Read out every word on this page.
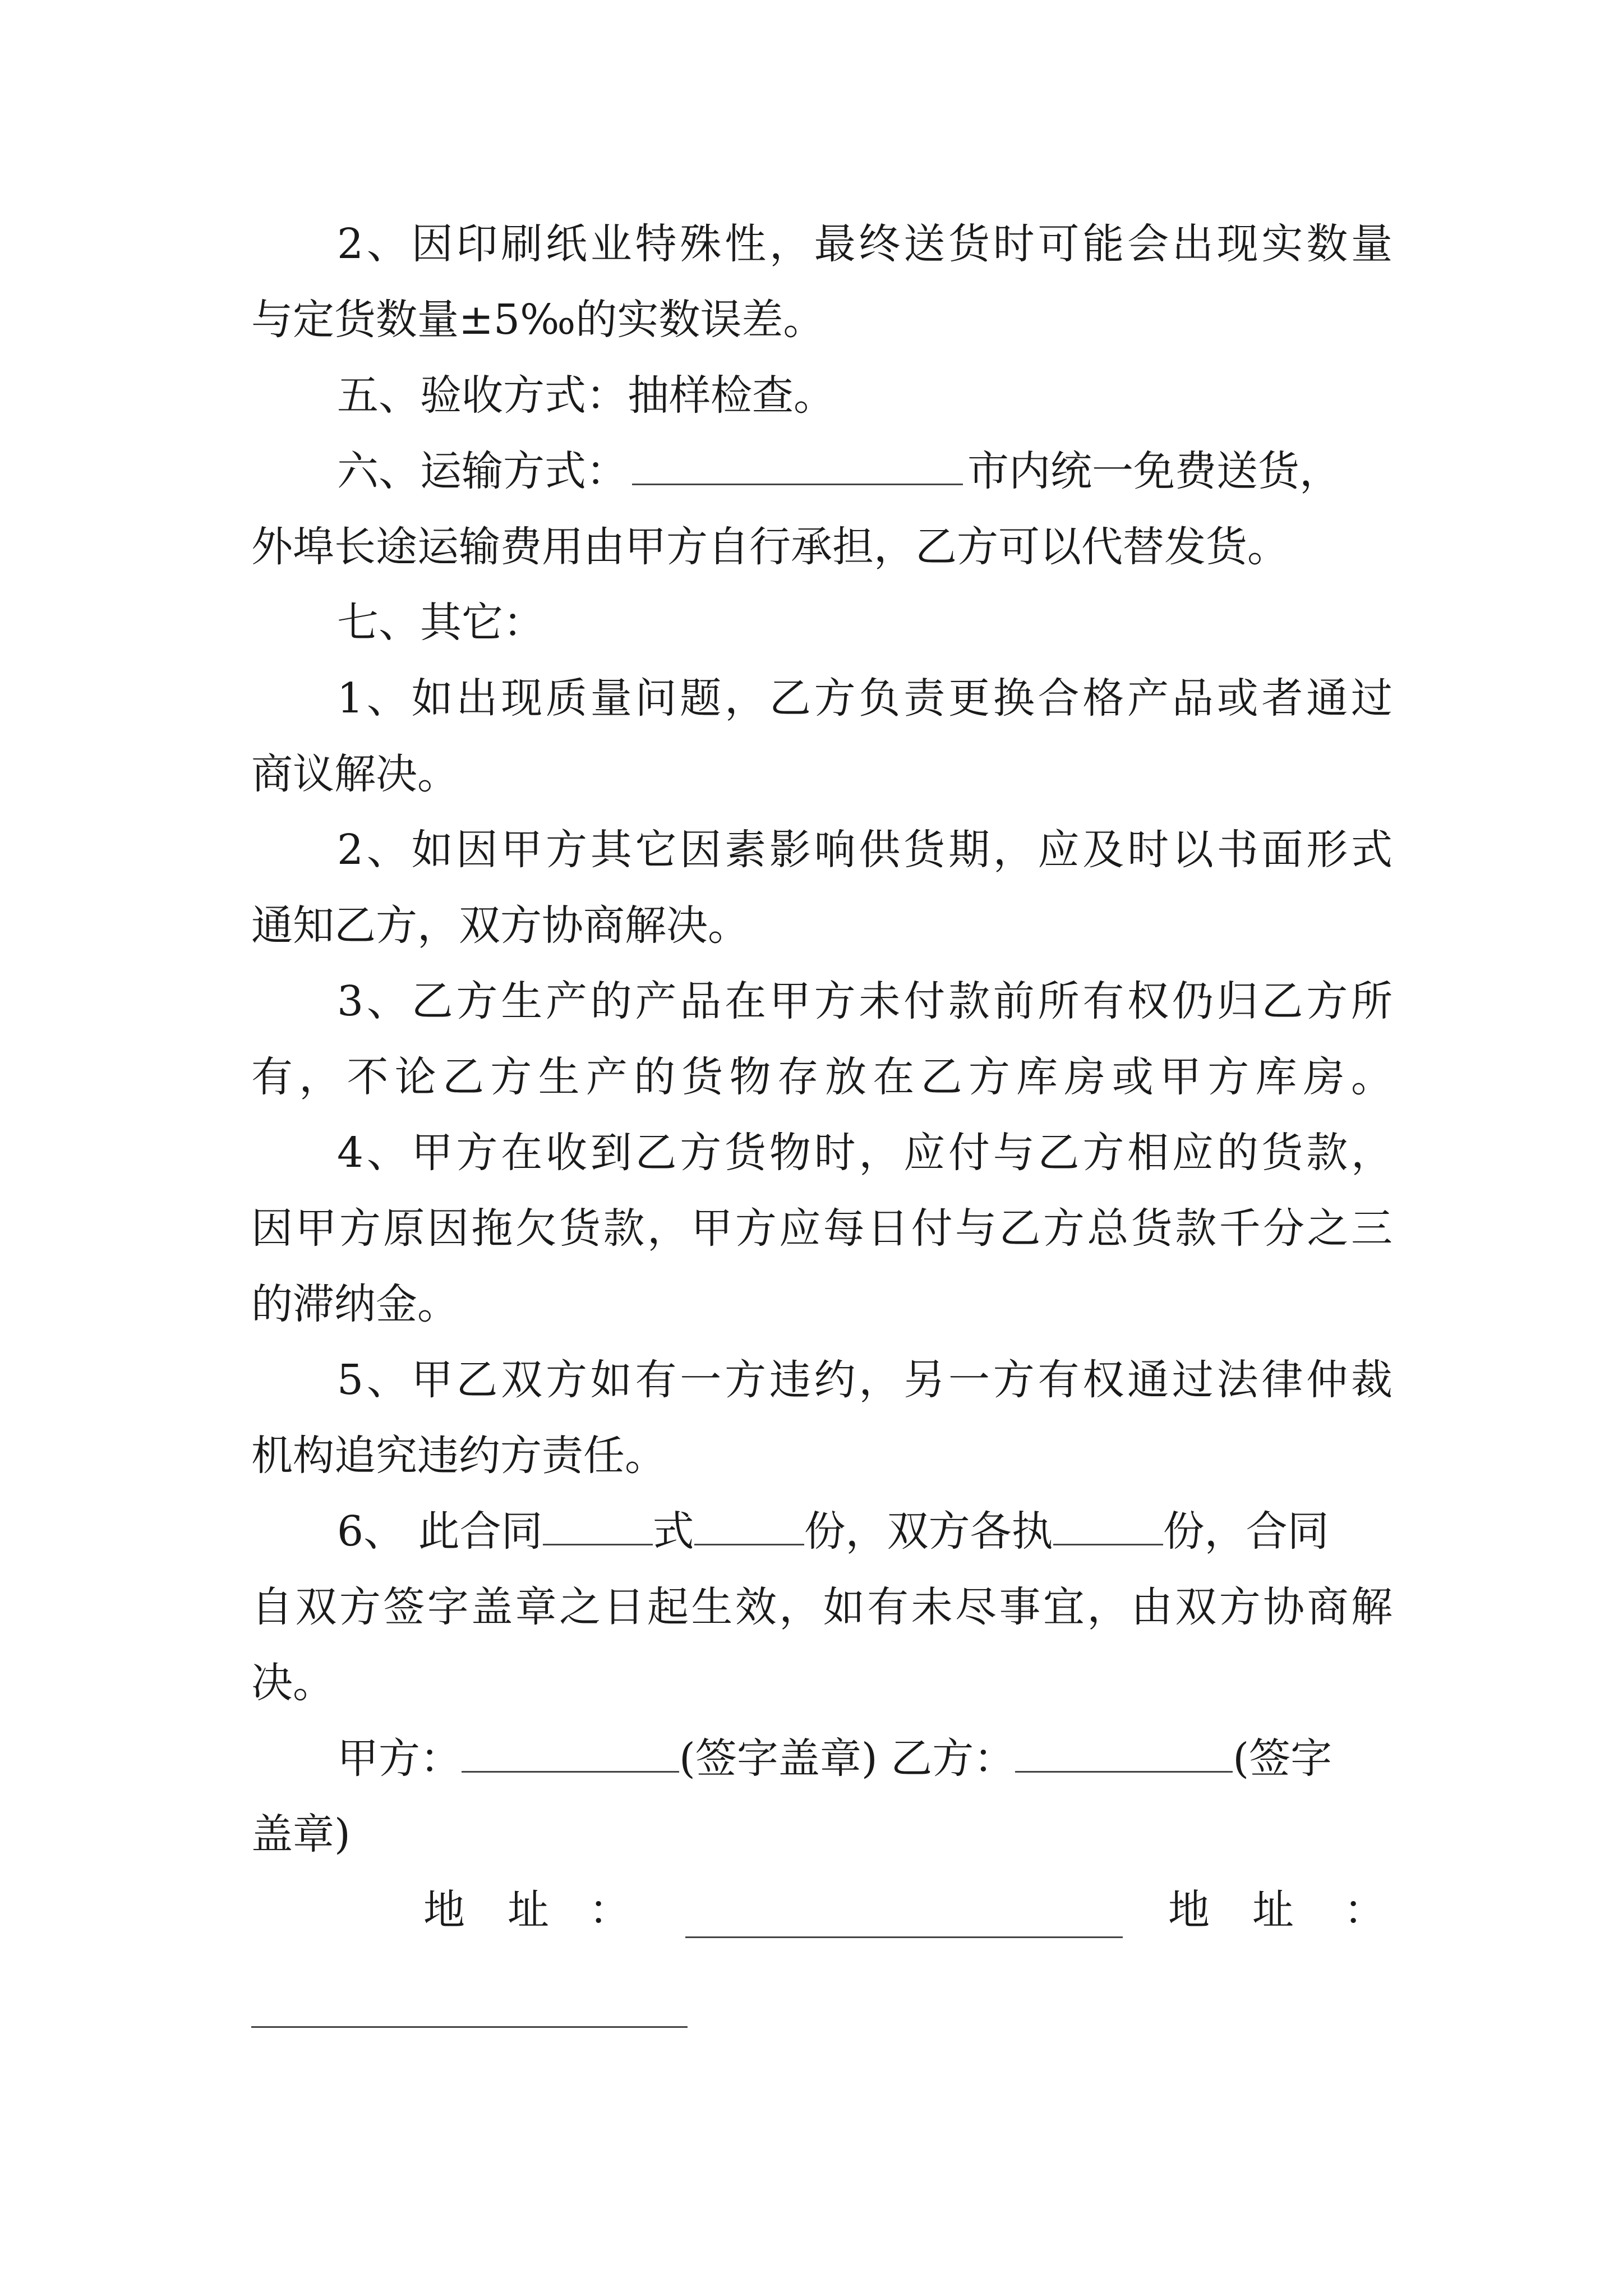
2、因印刷纸业特殊性，最终送货时可能会出现实数量
与定货数量±5‰的实数误差。
五、验收方式：抽样检查。
六、运输方式：	市内统一免费送货，
外埠长途运输费用由甲方自行承担，乙方可以代替发货。
七、其它：
1、如出现质量问题，乙方负责更换合格产品或者通过
商议解决。
2、如因甲方其它因素影响供货期，应及时以书面形式
通知乙方，双方协商解决。
3、乙方生产的产品在甲方未付款前所有权仍归乙方所
有，不论乙方生产的货物存放在乙方库房或甲方库房。
4、甲方在收到乙方货物时，应付与乙方相应的货款，
因甲方原因拖欠货款，甲方应每日付与乙方总货款千分之三
的滞纳金。
5、甲乙双方如有一方违约，另一方有权通过法律仲裁
机构追究违约方责任。
6、 此合同	式	份，双方各执	份，合同
自双方签字盖章之日起生效，如有未尽事宜，由双方协商解
决。
甲方：	(签字盖章) 乙方：	(签字
盖章)
地 址 ：	地 址 ：
